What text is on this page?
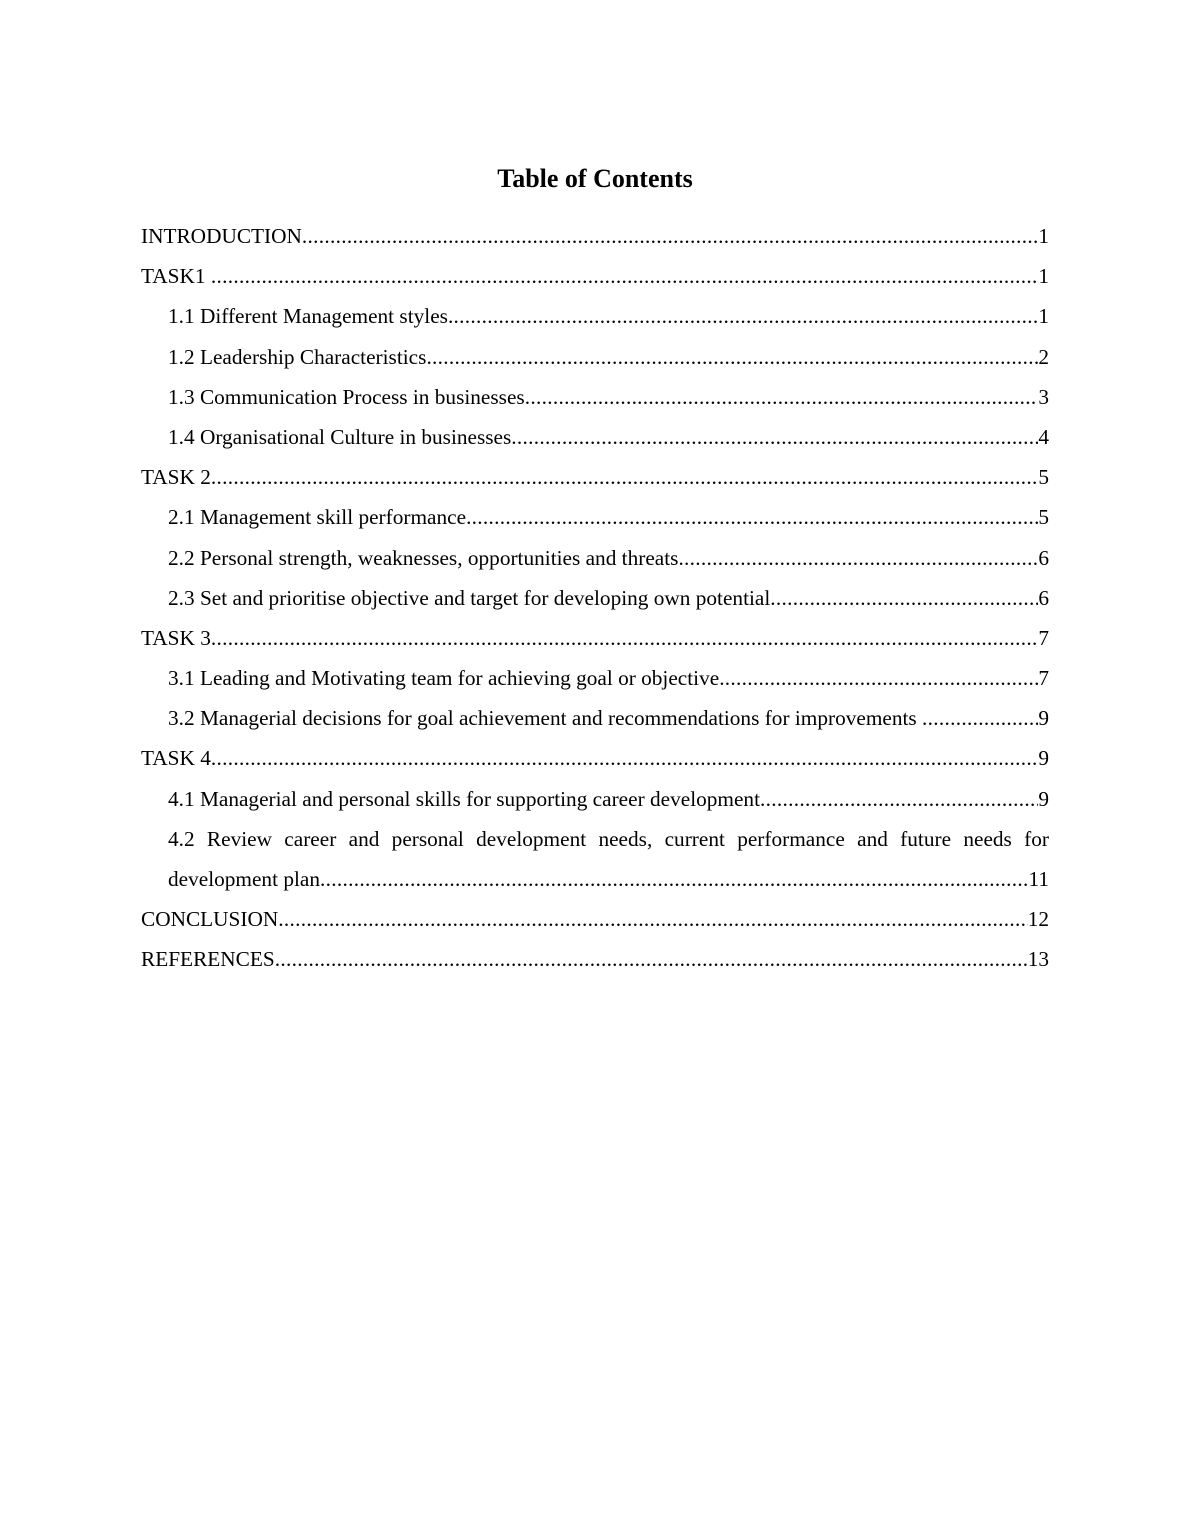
Table of Contents
INTRODUCTION .....	1
TASK1 .....	1
1.1 Different Management styles .....	1
1.2 Leadership Characteristics .....	2
1.3 Communication Process in businesses .....	3
1.4 Organisational Culture in businesses .....	4
TASK 2 .....	5
2.1 Management skill performance .....	5
2.2 Personal strength, weaknesses, opportunities and threats .....	6
2.3 Set and prioritise objective and target for developing own potential .....	6
TASK 3 .....	7
3.1 Leading and Motivating team for achieving goal or objective .....	7
3.2 Managerial decisions for goal achievement and recommendations for improvements .....	9
TASK 4 .....	9
4.1 Managerial and personal skills for supporting career development .....	9
4.2 Review career and personal development needs, current performance and future needs for
development plan .....	11
CONCLUSION .....	12
REFERENCES .....	13
